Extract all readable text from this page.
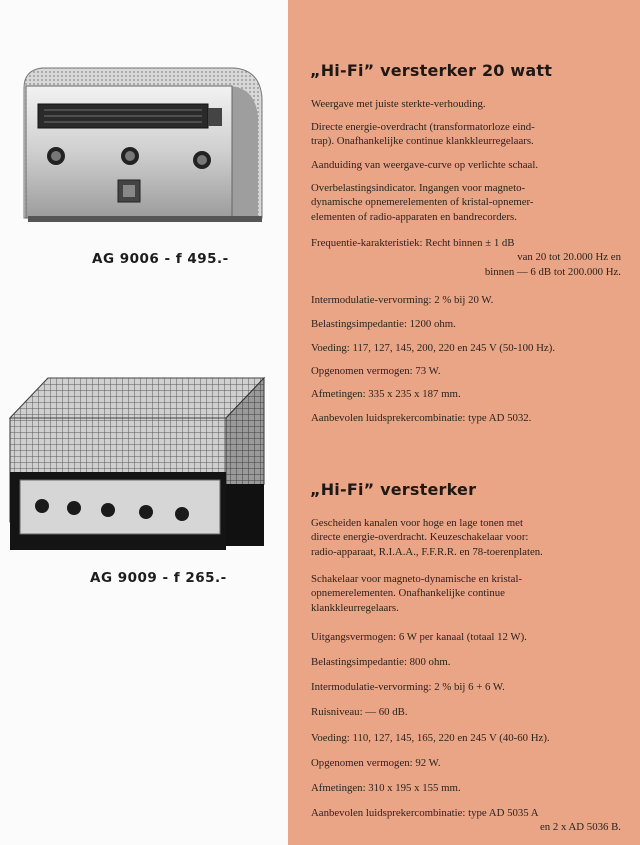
AG 9006 - f 495.-
AG 9009 - f 265.-
„Hi-Fi” versterker 20 watt
„Hi-Fi” versterker
Weergave met juiste sterkte-verhouding.
Directe energie-overdracht (transformatorloze eind-
trap). Onafhankelijke continue klankkleurregelaars.
Aanduiding van weergave-curve op verlichte schaal.
Overbelastingsindicator. Ingangen voor magneto-
dynamische opnemerelementen of kristal-opnemer-
elementen of radio-apparaten en bandrecorders.
Frequentie-karakteristiek: Recht binnen ± 1 dB
van 20 tot 20.000 Hz en
binnen — 6 dB tot 200.000 Hz.
Intermodulatie-vervorming: 2 % bij 20 W.
Belastingsimpedantie: 1200 ohm.
Voeding: 117, 127, 145, 200, 220 en 245 V (50-100 Hz).
Opgenomen vermogen: 73 W.
Afmetingen: 335 x 235 x 187 mm.
Aanbevolen luidsprekercombinatie: type AD 5032.
Gescheiden kanalen voor hoge en lage tonen met
directe energie-overdracht. Keuzeschakelaar voor:
radio-apparaat, R.I.A.A., F.F.R.R. en 78-toerenplaten.
Schakelaar voor magneto-dynamische en kristal-
opnemerelementen. Onafhankelijke continue
klankkleurregelaars.
Uitgangsvermogen: 6 W per kanaal (totaal 12 W).
Belastingsimpedantie: 800 ohm.
Intermodulatie-vervorming: 2 % bij 6 + 6 W.
Ruisniveau: — 60 dB.
Voeding: 110, 127, 145, 165, 220 en 245 V (40-60 Hz).
Opgenomen vermogen: 92 W.
Afmetingen: 310 x 195 x 155 mm.
Aanbevolen luidsprekercombinatie: type AD 5035 A
en 2 x AD 5036 B.
